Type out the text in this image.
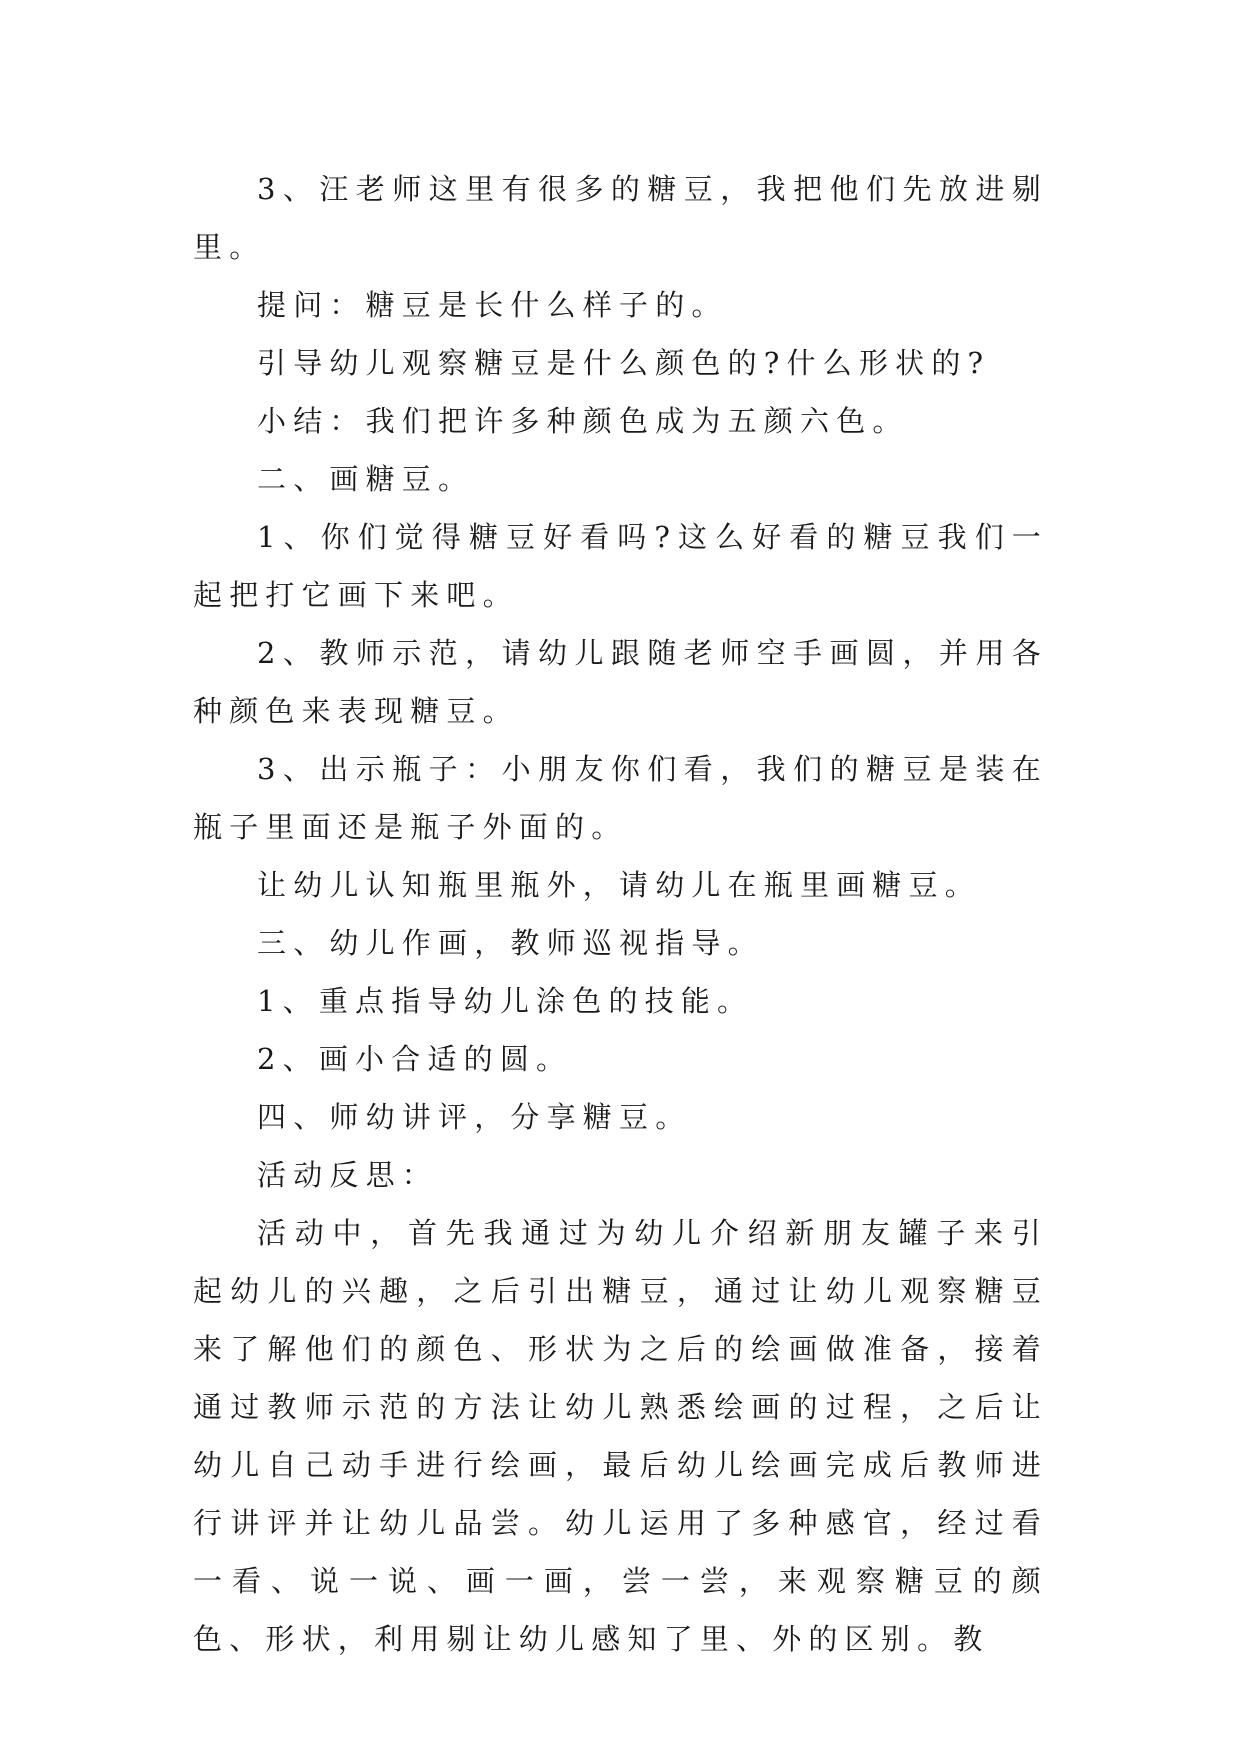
3、汪老师这里有很多的糖豆，我把他们先放进剔里。

提问：糖豆是长什么样子的。

引导幼儿观察糖豆是什么颜色的?什么形状的?

小结：我们把许多种颜色成为五颜六色。

二、画糖豆。

1、你们觉得糖豆好看吗?这么好看的糖豆我们一起把打它画下来吧。

2、教师示范，请幼儿跟随老师空手画圆，并用各种颜色来表现糖豆。

3、出示瓶子：小朋友你们看，我们的糖豆是装在瓶子里面还是瓶子外面的。

让幼儿认知瓶里瓶外，请幼儿在瓶里画糖豆。

三、幼儿作画，教师巡视指导。

1、重点指导幼儿涂色的技能。

2、画小合适的圆。

四、师幼讲评，分享糖豆。

活动反思：

活动中，首先我通过为幼儿介绍新朋友罐子来引起幼儿的兴趣，之后引出糖豆，通过让幼儿观察糖豆来了解他们的颜色、形状为之后的绘画做准备，接着通过教师示范的方法让幼儿熟悉绘画的过程，之后让幼儿自己动手进行绘画，最后幼儿绘画完成后教师进行讲评并让幼儿品尝。幼儿运用了多种感官，经过看一看、说一说、画一画，尝一尝，来观察糖豆的颜色、形状，利用剔让幼儿感知了里、外的区别。教
